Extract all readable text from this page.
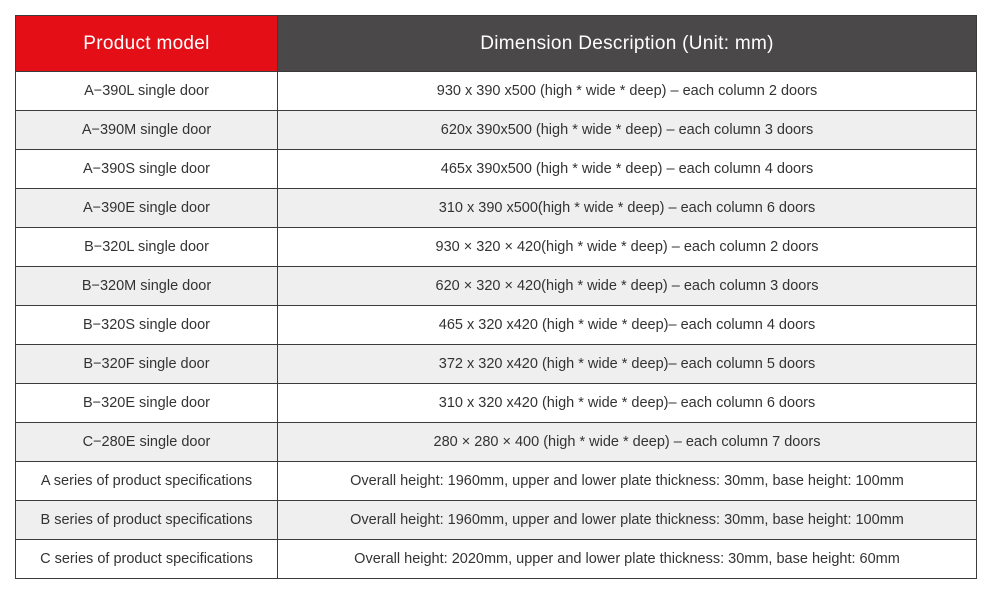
Product model	Dimension Description (Unit: mm)
A−390L single door	930 x 390 x500 (high * wide * deep) – each column 2 doors
A−390M single door	620x 390x500 (high * wide * deep) – each column 3 doors
A−390S single door	465x 390x500 (high * wide * deep) – each column 4 doors
A−390E single door	310 x 390 x500(high * wide * deep) – each column 6 doors
B−320L single door	930 × 320 × 420(high * wide * deep) – each column 2 doors
B−320M single door	620 × 320 × 420(high * wide * deep) – each column 3 doors
B−320S single door	465 x 320 x420 (high * wide * deep)– each column 4 doors
B−320F single door	372 x 320 x420 (high * wide * deep)– each column 5 doors
B−320E single door	310 x 320 x420 (high * wide * deep)– each column 6 doors
C−280E single door	280 × 280 × 400 (high * wide * deep) – each column 7 doors
A series of product specifications	Overall height: 1960mm, upper and lower plate thickness: 30mm, base height: 100mm
B series of product specifications	Overall height: 1960mm, upper and lower plate thickness: 30mm, base height: 100mm
C series of product specifications	Overall height: 2020mm, upper and lower plate thickness: 30mm, base height: 60mm
